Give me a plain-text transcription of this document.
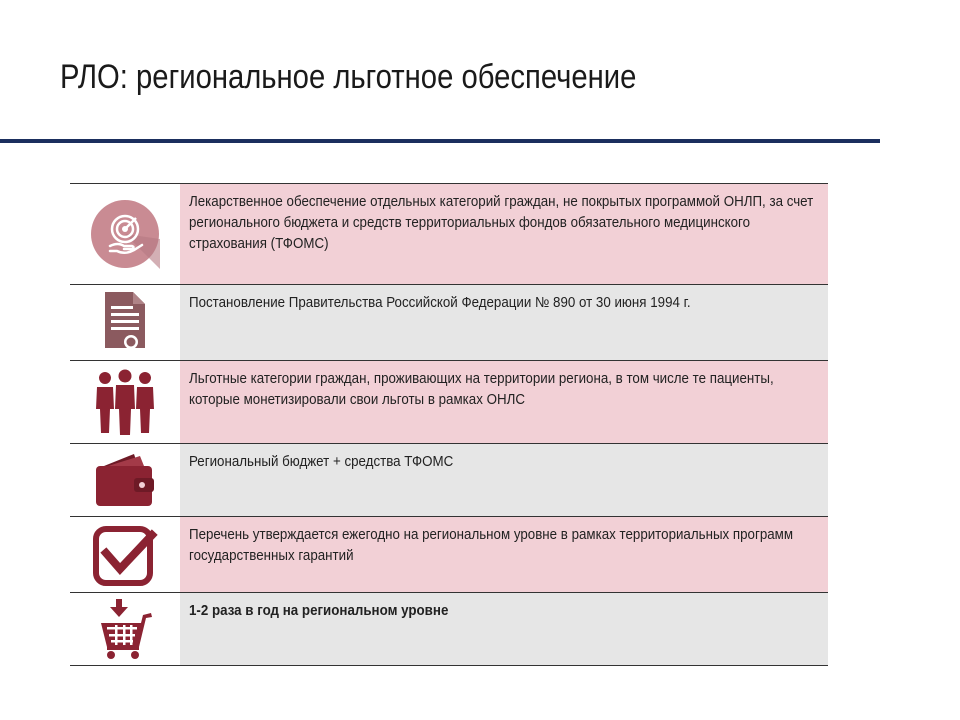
РЛО: региональное льготное обеспечение
Лекарственное обеспечение отдельных категорий граждан, не покрытых программой ОНЛП, за счет регионального бюджета и средств территориальных фондов обязательного медицинского страхования (ТФОМС)
Постановление Правительства Российской Федерации № 890 от 30 июня 1994 г.
Льготные категории граждан, проживающих на территории региона, в том числе те пациенты, которые монетизировали свои льготы в рамках ОНЛС
Региональный бюджет + средства ТФОМС
Перечень утверждается ежегодно на региональном уровне в рамках территориальных программ государственных гарантий
1-2 раза в год на региональном уровне
